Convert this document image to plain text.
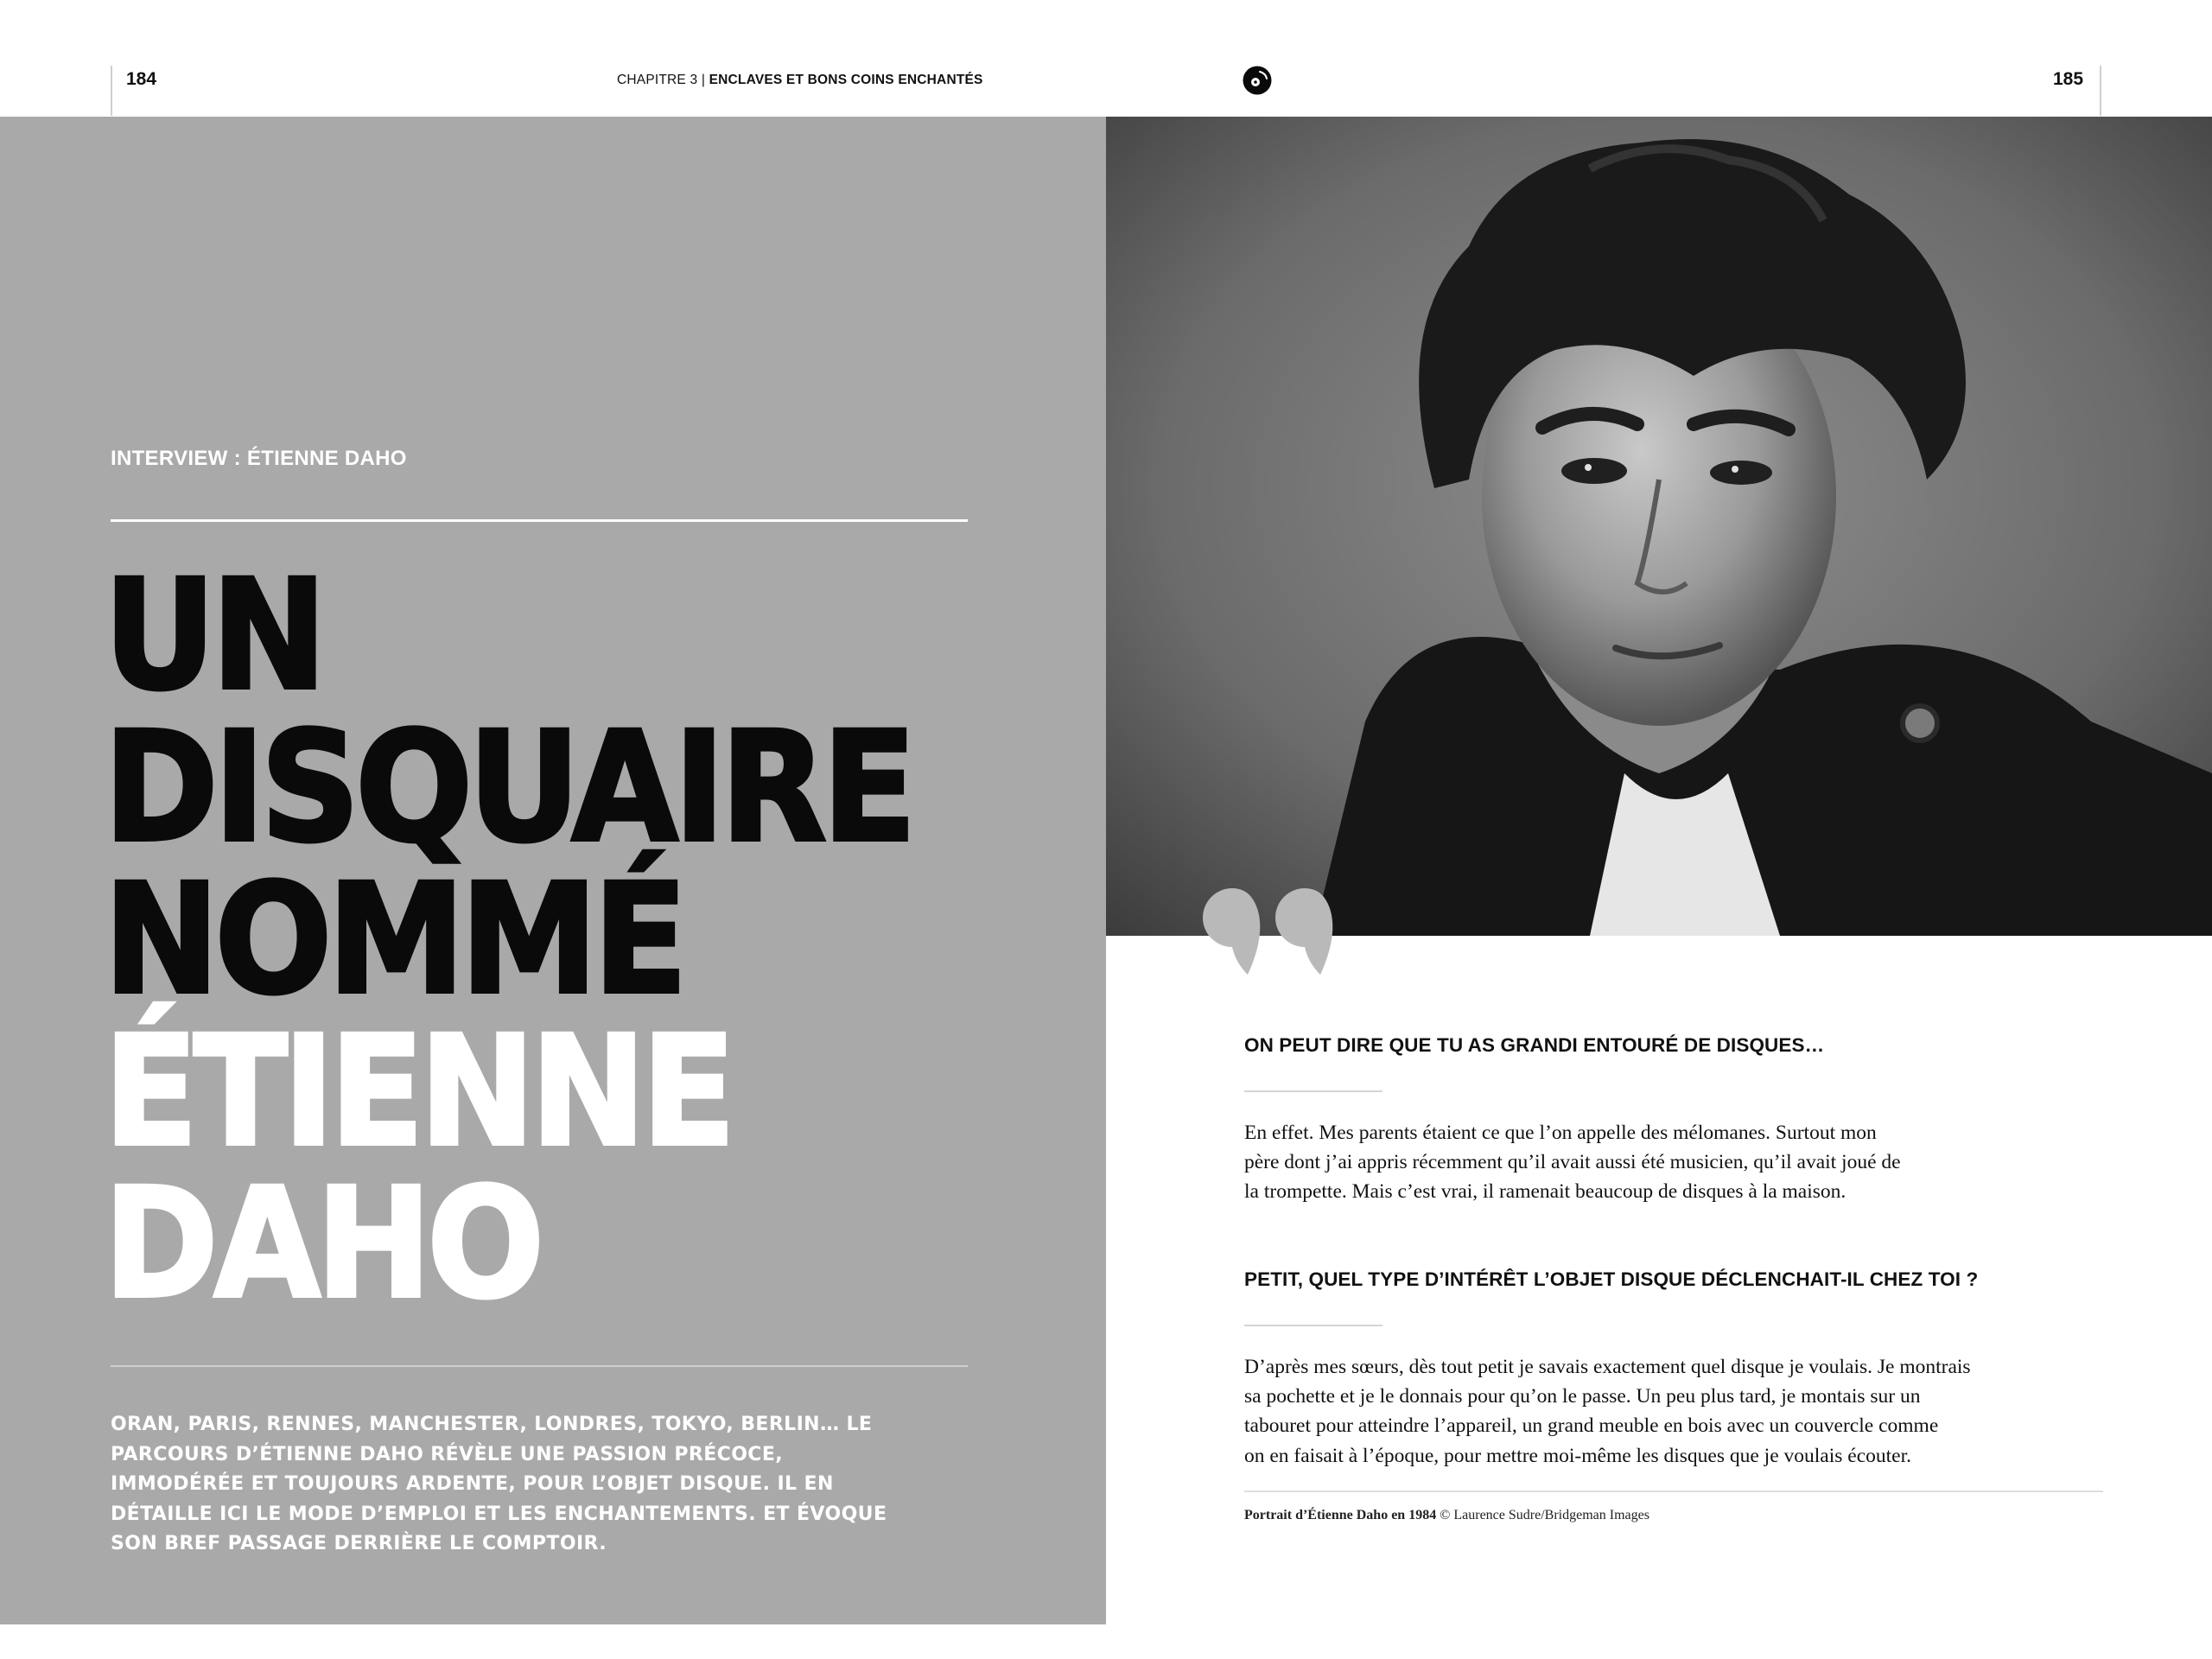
184	185
CHAPITRE 3 | ENCLAVES ET BONS COINS ENCHANTÉS
INTERVIEW : ÉTIENNE DAHO
UN
DISQUAIRE
NOMMÉ
ÉTIENNE
DAHO
ORAN, PARIS, RENNES, MANCHESTER, LONDRES, TOKYO, BERLIN… LE PARCOURS D’ÉTIENNE DAHO RÉVÈLE UNE PASSION PRÉCOCE, IMMODÉRÉE ET TOUJOURS ARDENTE, POUR L’OBJET DISQUE. IL EN DÉTAILLE ICI LE MODE D’EMPLOI ET LES ENCHANTEMENTS. ET ÉVOQUE SON BREF PASSAGE DERRIÈRE LE COMPTOIR.
ON PEUT DIRE QUE TU AS GRANDI ENTOURÉ DE DISQUES…
En effet. Mes parents étaient ce que l’on appelle des mélomanes. Surtout mon
père dont j’ai appris récemment qu’il avait aussi été musicien, qu’il avait joué de
la trompette. Mais c’est vrai, il ramenait beaucoup de disques à la maison.
PETIT, QUEL TYPE D’INTÉRÊT L’OBJET DISQUE DÉCLENCHAIT-IL CHEZ TOI ?
D’après mes sœurs, dès tout petit je savais exactement quel disque je voulais. Je montrais
sa pochette et je le donnais pour qu’on le passe. Un peu plus tard, je montais sur un
tabouret pour atteindre l’appareil, un grand meuble en bois avec un couvercle comme
on en faisait à l’époque, pour mettre moi-même les disques que je voulais écouter.
Portrait d’Étienne Daho en 1984 © Laurence Sudre/Bridgeman Images
